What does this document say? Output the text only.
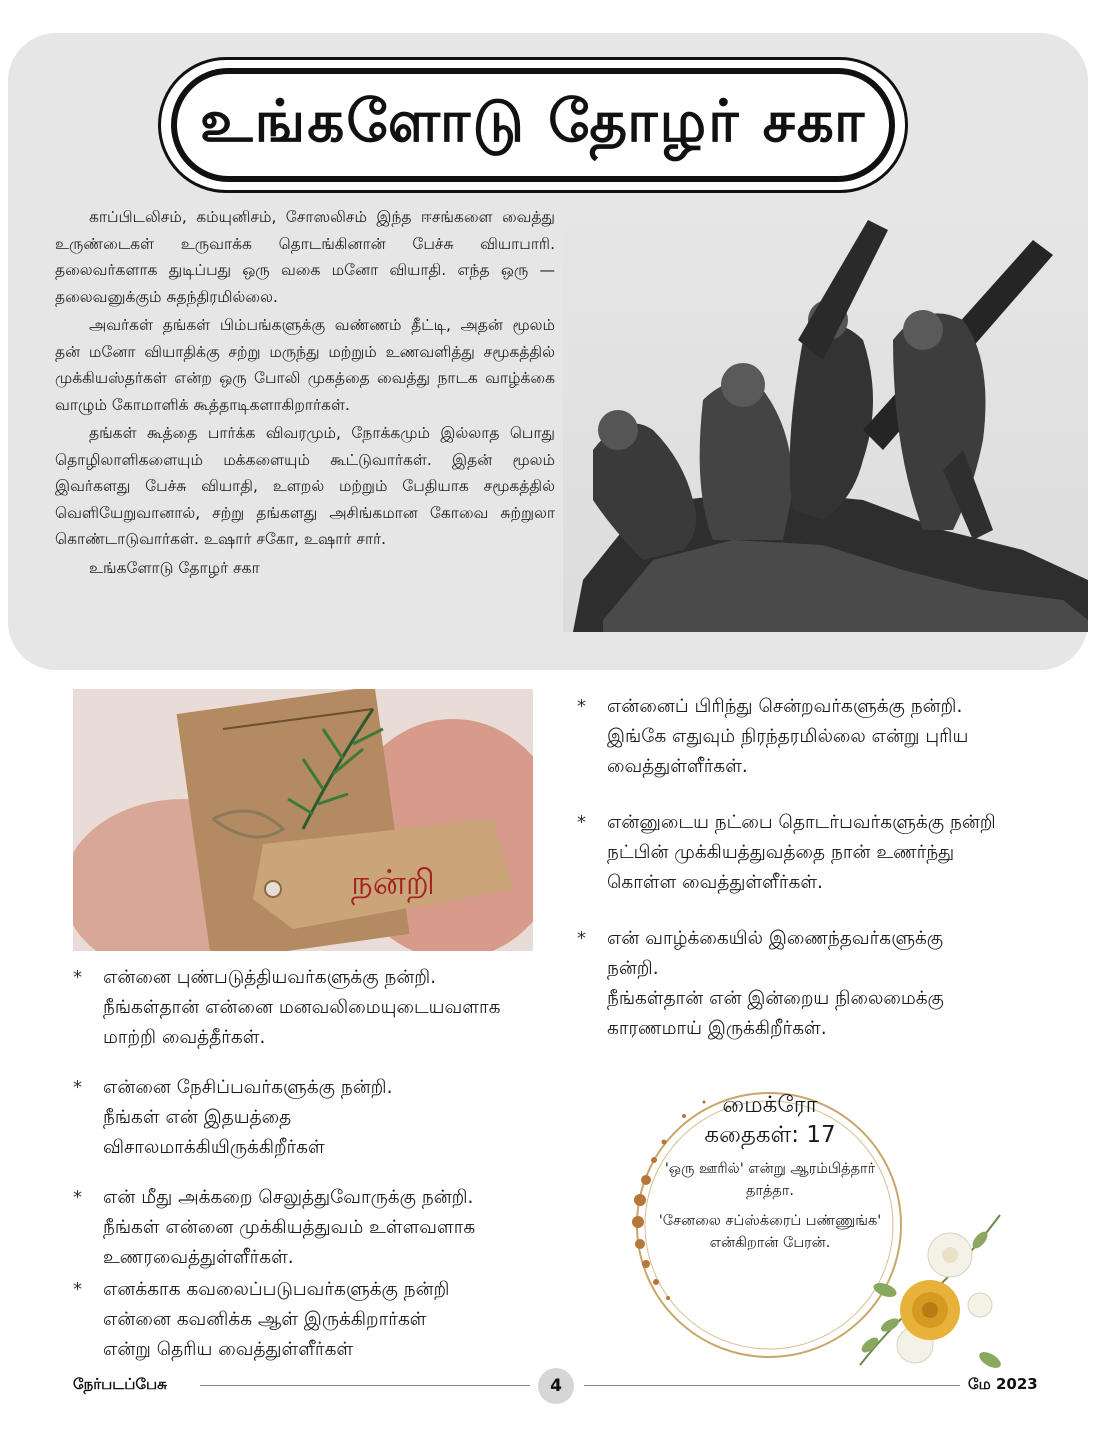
உங்களோடு தோழர் சகா

காப்பிடலிசம், கம்யுனிசம், சோஸலிசம் இந்த ஈசங்களை வைத்து உருண்டைகள் உருவாக்க தொடங்கினான் பேச்சு வியாபாரி. தலைவர்களாக துடிப்பது ஒரு வகை மனோ வியாதி. எந்த ஒரு — தலைவனுக்கும் சுதந்திரமில்லை.

அவர்கள் தங்கள் பிம்பங்களுக்கு வண்ணம் தீட்டி, அதன் மூலம் தன் மனோ வியாதிக்கு சற்று மருந்து மற்றும் உணவளித்து சமூகத்தில் முக்கியஸ்தர்கள் என்ற ஒரு போலி முகத்தை வைத்து நாடக வாழ்க்கை வாழும் கோமாளிக் கூத்தாடிகளாகிறார்கள்.

தங்கள் கூத்தை பார்க்க விவரமும், நோக்கமும் இல்லாத பொது தொழிலாளிகளையும் மக்களையும் கூட்டுவார்கள். இதன் மூலம் இவர்களது பேச்சு வியாதி, உளறல் மற்றும் பேதியாக சமூகத்தில் வெளியேறுவானால், சற்று தங்களது அசிங்கமான கோவை சுற்றுலா கொண்டாடுவார்கள். உஷார் சகோ, உஷார் சார்.

உங்களோடு தோழர் சகா

நன்றி
* என்னை புண்படுத்தியவர்களுக்கு நன்றி.
நீங்கள்தான் என்னை மனவலிமையுடையவளாக
மாற்றி வைத்தீர்கள்.
* என்னை நேசிப்பவர்களுக்கு நன்றி.
நீங்கள் என் இதயத்தை
விசாலமாக்கியிருக்கிறீர்கள்
* என் மீது அக்கறை செலுத்துவோருக்கு நன்றி.
நீங்கள் என்னை முக்கியத்துவம் உள்ளவளாக
உணரவைத்துள்ளீர்கள்.
* எனக்காக கவலைப்படுபவர்களுக்கு நன்றி
என்னை கவனிக்க ஆள் இருக்கிறார்கள்
என்று தெரிய வைத்துள்ளீர்கள்
* என்னைப் பிரிந்து சென்றவர்களுக்கு நன்றி.
இங்கே எதுவும் நிரந்தரமில்லை என்று புரிய
வைத்துள்ளீர்கள்.
* என்னுடைய நட்பை தொடர்பவர்களுக்கு நன்றி
நட்பின் முக்கியத்துவத்தை நான் உணர்ந்து
கொள்ள வைத்துள்ளீர்கள்.
* என் வாழ்க்கையில் இணைந்தவர்களுக்கு
நன்றி.
நீங்கள்தான் என் இன்றைய நிலைமைக்கு
காரணமாய் இருக்கிறீர்கள்.
மைக்ரோ
கதைகள்: 17

'ஒரு ஊரில்' என்று ஆரம்பித்தார் தாத்தா.

'சேனலை சப்ஸ்க்ரைப் பண்ணுங்க' என்கிறான் பேரன்.

நேர்படப்பேசு	4	மே 2023
